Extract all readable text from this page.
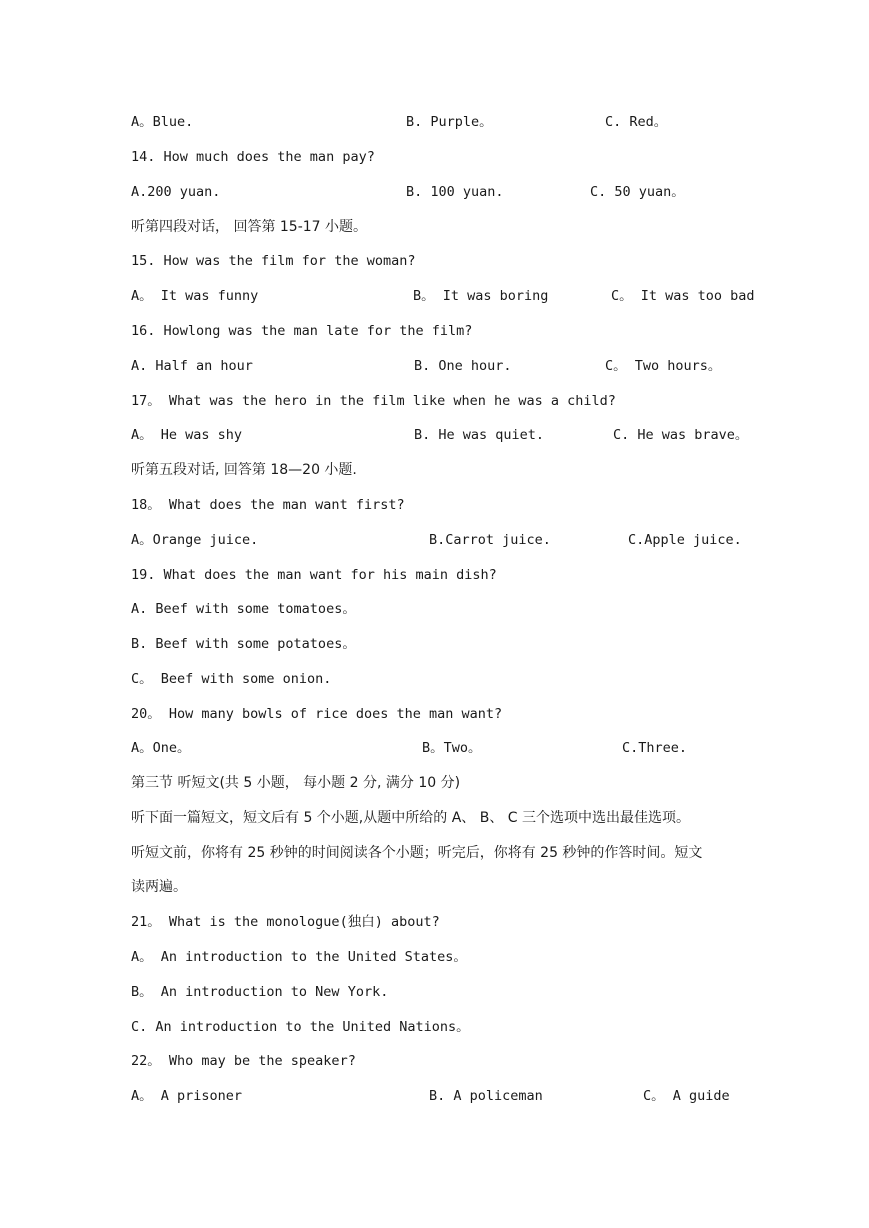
A。Blue.	B. Purple。	C. Red。
14. How much does the man pay?
A.200 yuan.	B. 100 yuan.	C. 50 yuan。
听第四段对话， 回答第 15-17 小题。
15. How was the film for the woman?
A。 It was funny	B。 It was boring	C。 It was too bad
16. Howlong was the man late for the film?
A. Half an hour	B. One hour.	C。 Two hours。
17。 What was the hero in the film like when he was a child?
A。 He was shy	B. He was quiet.	C. He was brave。
听第五段对话, 回答第 18—20 小题.
18。 What does the man want first?
A。Orange juice.	B.Carrot juice.	C.Apple juice.
19. What does the man want for his main dish?
A. Beef with some tomatoes。
B. Beef with some potatoes。
C。 Beef with some onion.
20。 How many bowls of rice does the man want?
A。One。	B。Two。	C.Three.
第三节 听短文(共 5 小题， 每小题 2 分, 满分 10 分)
听下面一篇短文，短文后有 5 个小题,从题中所给的 A、 B、 C 三个选项中选出最佳选项。
听短文前，你将有 25 秒钟的时间阅读各个小题；听完后，你将有 25 秒钟的作答时间。短文
读两遍。
21。 What is the monologue(独白) about?
A。 An introduction to the United States。
B。 An introduction to New York.
C. An introduction to the United Nations。
22。 Who may be the speaker?
A。 A prisoner	B. A policeman	C。 A guide
